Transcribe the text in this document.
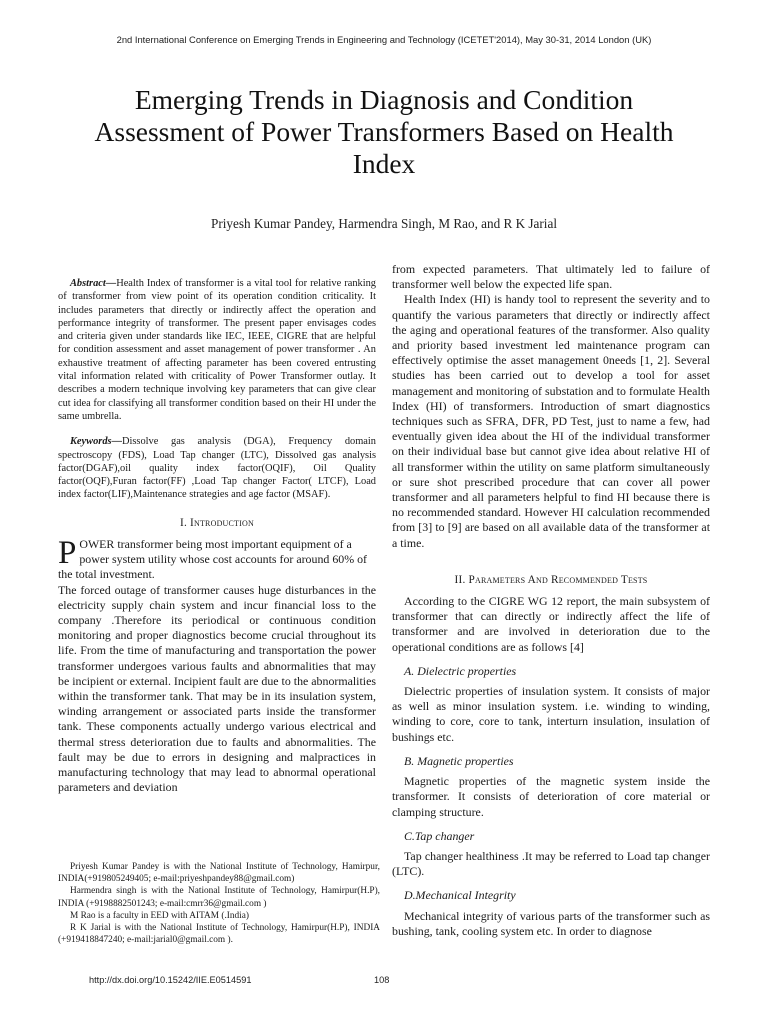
2nd International Conference on Emerging Trends in Engineering and Technology (ICETET'2014), May 30-31, 2014 London (UK)
Emerging Trends in Diagnosis and Condition Assessment of Power Transformers Based on Health Index
Priyesh Kumar Pandey, Harmendra Singh, M Rao, and R K Jarial

Abstract—Health Index of transformer is a vital tool for relative ranking of transformer from view point of its operation condition criticality. It includes parameters that directly or indirectly affect the operation and performance integrity of transformer. The present paper envisages codes and criteria given under standards like IEC, IEEE, CIGRE that are helpful for condition assessment and asset management of power transformer . An exhaustive treatment of affecting parameter has been covered entrusting vital information related with criticality of Power Transformer outlay. It describes a modern technique involving key parameters that can give clear cut idea for classifying all transformer condition based on their HI under the same umbrella.

Keywords—Dissolve gas analysis (DGA), Frequency domain spectroscopy (FDS), Load Tap changer (LTC), Dissolved gas analysis factor(DGAF),oil quality index factor(OQIF), Oil Quality factor(OQF),Furan factor(FF) ,Load Tap changer Factor( LTCF), Load index factor(LIF),Maintenance strategies and age factor (MSAF).

I. Introduction

POWER transformer being most important equipment of a power system utility whose cost accounts for around 60% of the total investment.

The forced outage of transformer causes huge disturbances in the electricity supply chain system and incur financial loss to the company .Therefore its periodical or continuous condition monitoring and proper diagnostics become crucial throughout its life. From the time of manufacturing and transportation the power transformer undergoes various faults and abnormalities that may be incipient or external. Incipient fault are due to the abnormalities within the transformer tank. That may be in its insulation system, winding arrangement or associated parts inside the transformer tank. These components actually undergo various electrical and thermal stress deterioration due to faults and abnormalities. The fault may be due to errors in designing and malpractices in manufacturing technology that may lead to abnormal operational parameters and deviation

from expected parameters. That ultimately led to failure of transformer well below the expected life span.

Health Index (HI) is handy tool to represent the severity and to quantify the various parameters that directly or indirectly affect the aging and operational features of the transformer. Also quality and priority based investment led maintenance program can effectively optimise the asset management 0needs [1, 2]. Several studies has been carried out to develop a tool for asset management and monitoring of substation and to formulate Health Index (HI) of transformers. Introduction of smart diagnostics techniques such as SFRA, DFR, PD Test, just to name a few, had eventually given idea about the HI of the individual transformer on their individual base but cannot give idea about relative HI of all transformer within the utility on same platform simultaneously or sure shot prescribed procedure that can cover all power transformer and all parameters helpful to find HI because there is no recommended standard. However HI calculation recommended from [3] to [9] are based on all available data of the transformer at a time.

II. Parameters And Recommended Tests

According to the CIGRE WG 12 report, the main subsystem of transformer that can directly or indirectly affect the life of transformer and are involved in deterioration due to the operational conditions are as follows [4]

A. Dielectric properties

Dielectric properties of insulation system. It consists of major as well as minor insulation system. i.e. winding to winding, winding to core, core to tank, interturn insulation, insulation of bushings etc.

B. Magnetic properties

Magnetic properties of the magnetic system inside the transformer. It consists of deterioration of core material or clamping structure.

C.Tap changer

Tap changer healthiness .It may be referred to Load tap changer (LTC).

D.Mechanical Integrity

Mechanical integrity of various parts of the transformer such as bushing, tank, cooling system etc. In order to diagnose

Priyesh Kumar Pandey is with the National Institute of Technology, Hamirpur, INDIA(+919805249405; e-mail:priyeshpandey88@gmail.com)

Harmendra singh is with the National Institute of Technology, Hamirpur(H.P), INDIA (+9198882501243; e-mail:cmrr36@gmail.com )

M Rao is a faculty in EED with AITAM (.India)

R K Jarial is with the National Institute of Technology, Hamirpur(H.P), INDIA (+919418847240; e-mail:jarial0@gmail.com ).

http://dx.doi.org/10.15242/IIE.E0514591	108
